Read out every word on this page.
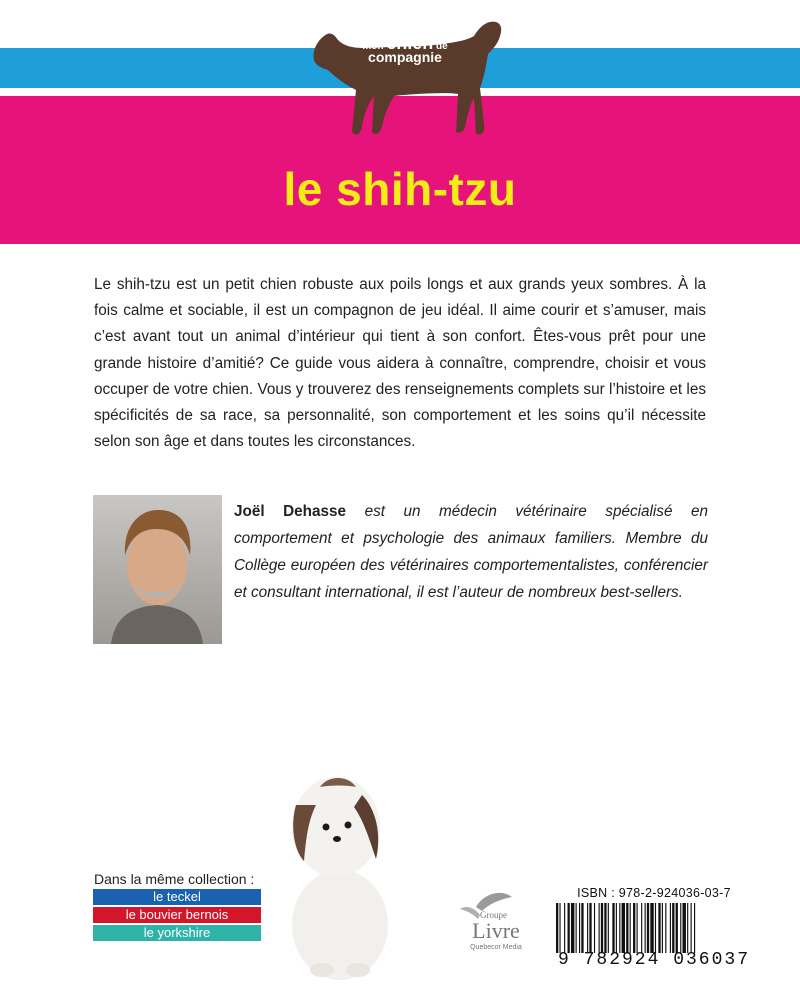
mon chien de
compagnie
le shih-tzu
Le shih-tzu est un petit chien robuste aux poils longs et aux grands yeux sombres. À la fois calme et sociable, il est un compagnon de jeu idéal. Il aime courir et s’amuser, mais c’est avant tout un animal d’intérieur qui tient à son confort. Êtes-vous prêt pour une grande histoire d’amitié? Ce guide vous aidera à connaître, comprendre, choisir et vous occuper de votre chien. Vous y trouverez des renseignements complets sur l’histoire et les spécificités de sa race, sa personnalité, son comportement et les soins qu’il nécessite selon son âge et dans toutes les circonstances.
Joël Dehasse est un médecin vétérinaire spécialisé en comportement et psychologie des animaux familiers. Membre du Collège européen des vétérinaires comportementalistes, conférencier et consultant international, il est l’auteur de nombreux best-sellers.
Dans la même collection :
le teckel
le bouvier bernois
le yorkshire
Groupe
Livre
Quebecor Media
ISBN : 978-2-924036-03-7
9 782924 036037
